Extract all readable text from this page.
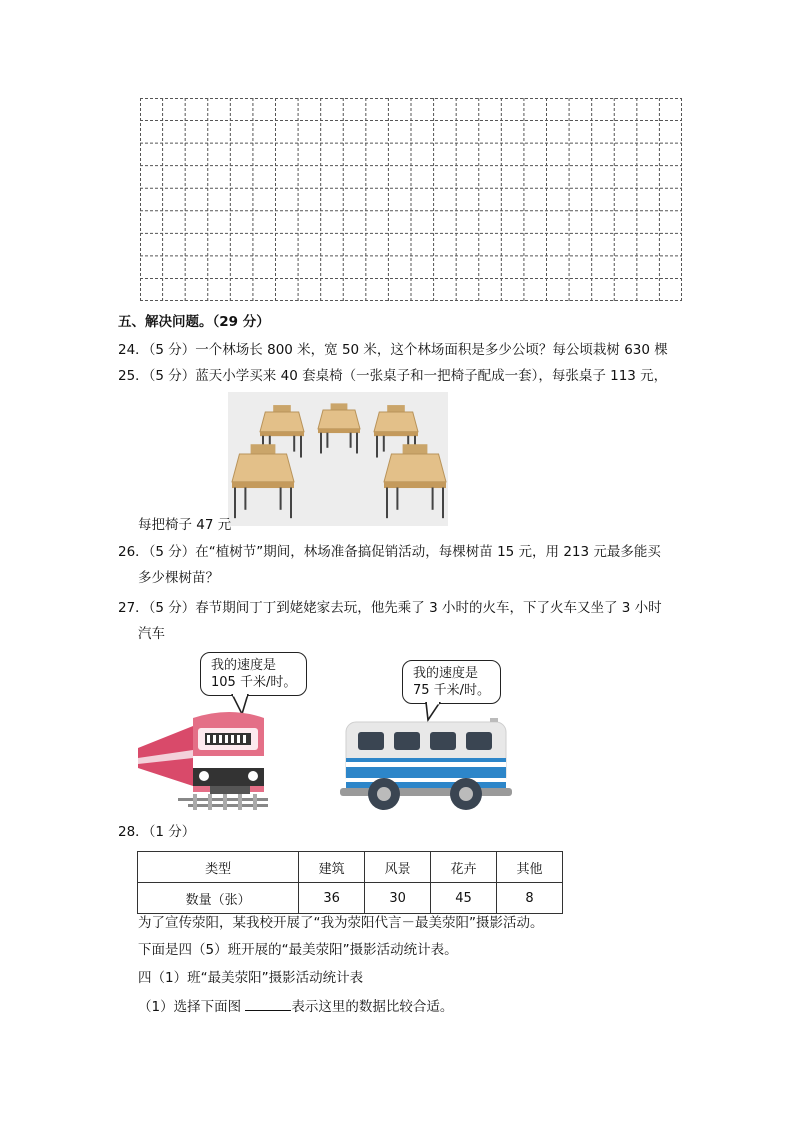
五、解决问题。（29 分）
24．（5 分）一个林场长 800 米，宽 50 米，这个林场面积是多少公顷？每公顷栽树 630 棵
25．（5 分）蓝天小学买来 40 套桌椅（一张桌子和一把椅子配成一套），每张桌子 113 元，
每把椅子 47 元
26．（5 分）在“植树节”期间，林场准备搞促销活动，每棵树苗 15 元，用 213 元最多能买
多少棵树苗？
27．（5 分）春节期间丁丁到姥姥家去玩，他先乘了 3 小时的火车，下了火车又坐了 3 小时
汽车
我的速度是
105 千米/时。
我的速度是
75 千米/时。
28．（1 分）
类型	建筑	风景	花卉	其他
数量（张）	36	30	45	8
为了宣传荥阳，某我校开展了“我为荥阳代言－最美荥阳”摄影活动。
下面是四（5）班开展的“最美荥阳”摄影活动统计表。
四（1）班“最美荥阳”摄影活动统计表
（1）选择下面图	表示这里的数据比较合适。
